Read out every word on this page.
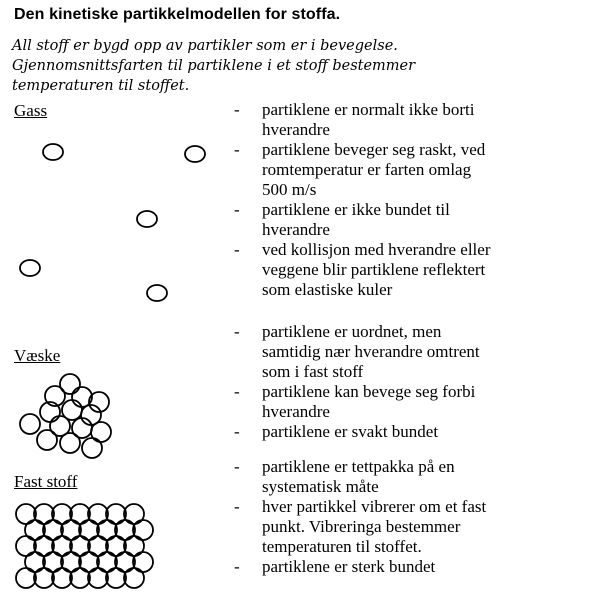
Den kinetiske partikkelmodellen for stoffa.
All stoff er bygd opp av partikler som er i bevegelse.
Gjennomsnittsfarten til partiklene i et stoff bestemmer
temperaturen til stoffet.
Gass	- partiklene er normalt ikke borti
hverandre
- partiklene beveger seg raskt, ved
romtemperatur er farten omlag
500 m/s
- partiklene er ikke bundet til
hverandre
- ved kollisjon med hverandre eller
veggene blir partiklene reflektert
som elastiske kuler
Væske
- partiklene er uordnet, men
samtidig nær hverandre omtrent
som i fast stoff
- partiklene kan bevege seg forbi
hverandre
- partiklene er svakt bundet
Fast stoff
- partiklene er tettpakka på en
systematisk måte
- hver partikkel vibrerer om et fast
punkt. Vibreringa bestemmer
temperaturen til stoffet.
- partiklene er sterk bundet
